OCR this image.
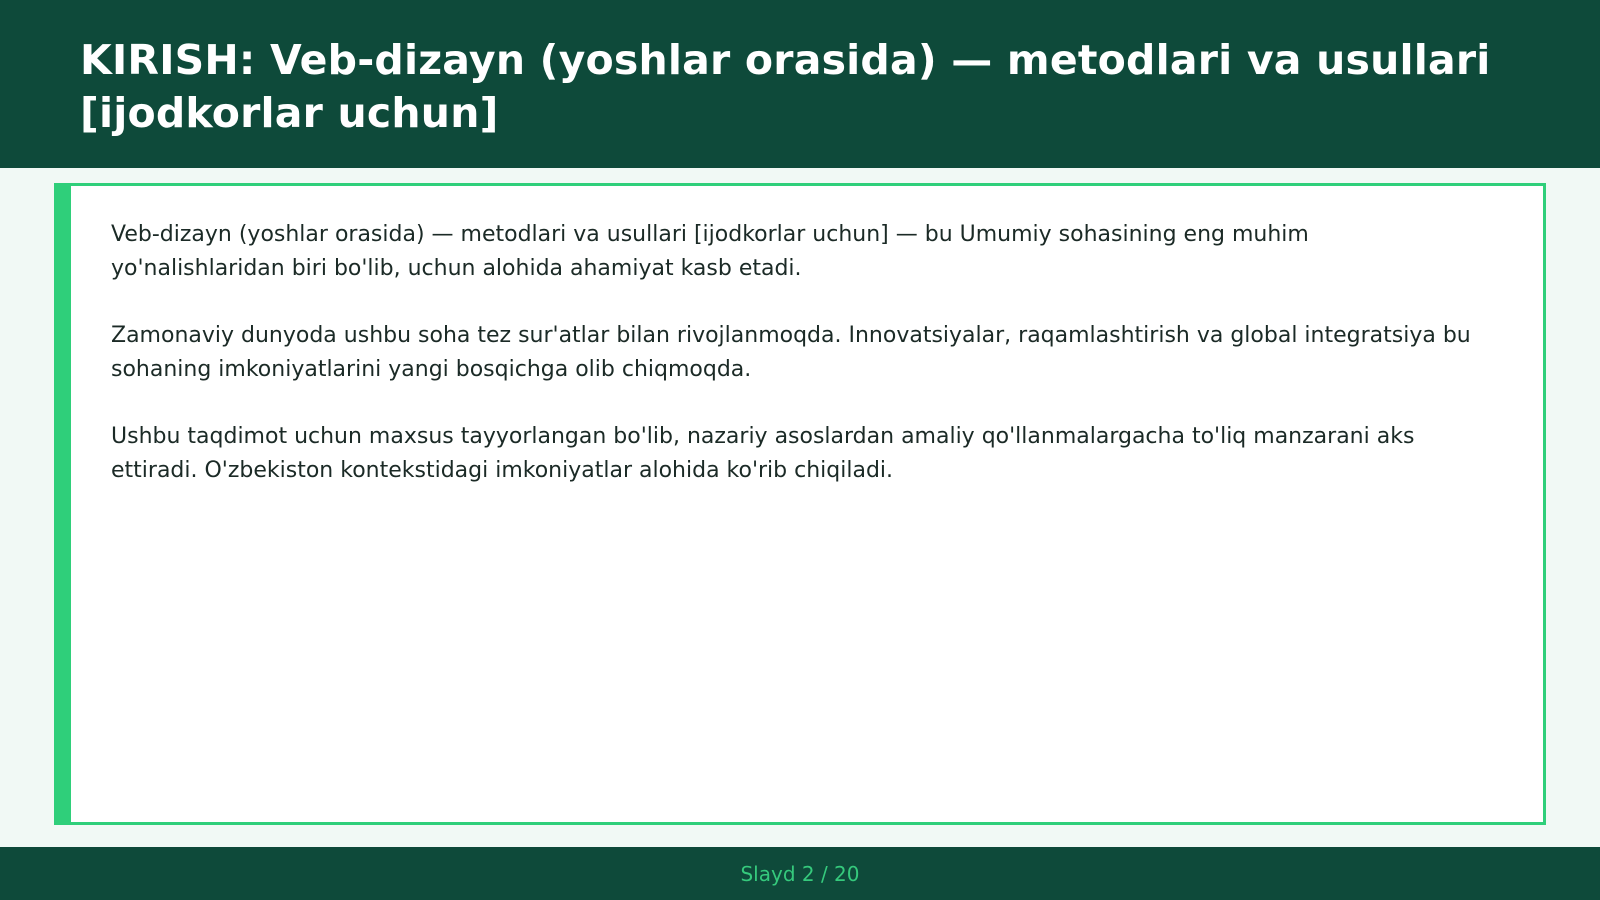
KIRISH: Veb-dizayn (yoshlar orasida) — metodlari va usullari [ijodkorlar uchun]

Veb-dizayn (yoshlar orasida) — metodlari va usullari [ijodkorlar uchun] — bu Umumiy sohasining eng muhim yo'nalishlaridan biri bo'lib, uchun alohida ahamiyat kasb etadi.

Zamonaviy dunyoda ushbu soha tez sur'atlar bilan rivojlanmoqda. Innovatsiyalar, raqamlashtirish va global integratsiya bu sohaning imkoniyatlarini yangi bosqichga olib chiqmoqda.

Ushbu taqdimot uchun maxsus tayyorlangan bo'lib, nazariy asoslardan amaliy qo'llanmalargacha to'liq manzarani aks ettiradi. O'zbekiston kontekstidagi imkoniyatlar alohida ko'rib chiqiladi.

Slayd 2 / 20
